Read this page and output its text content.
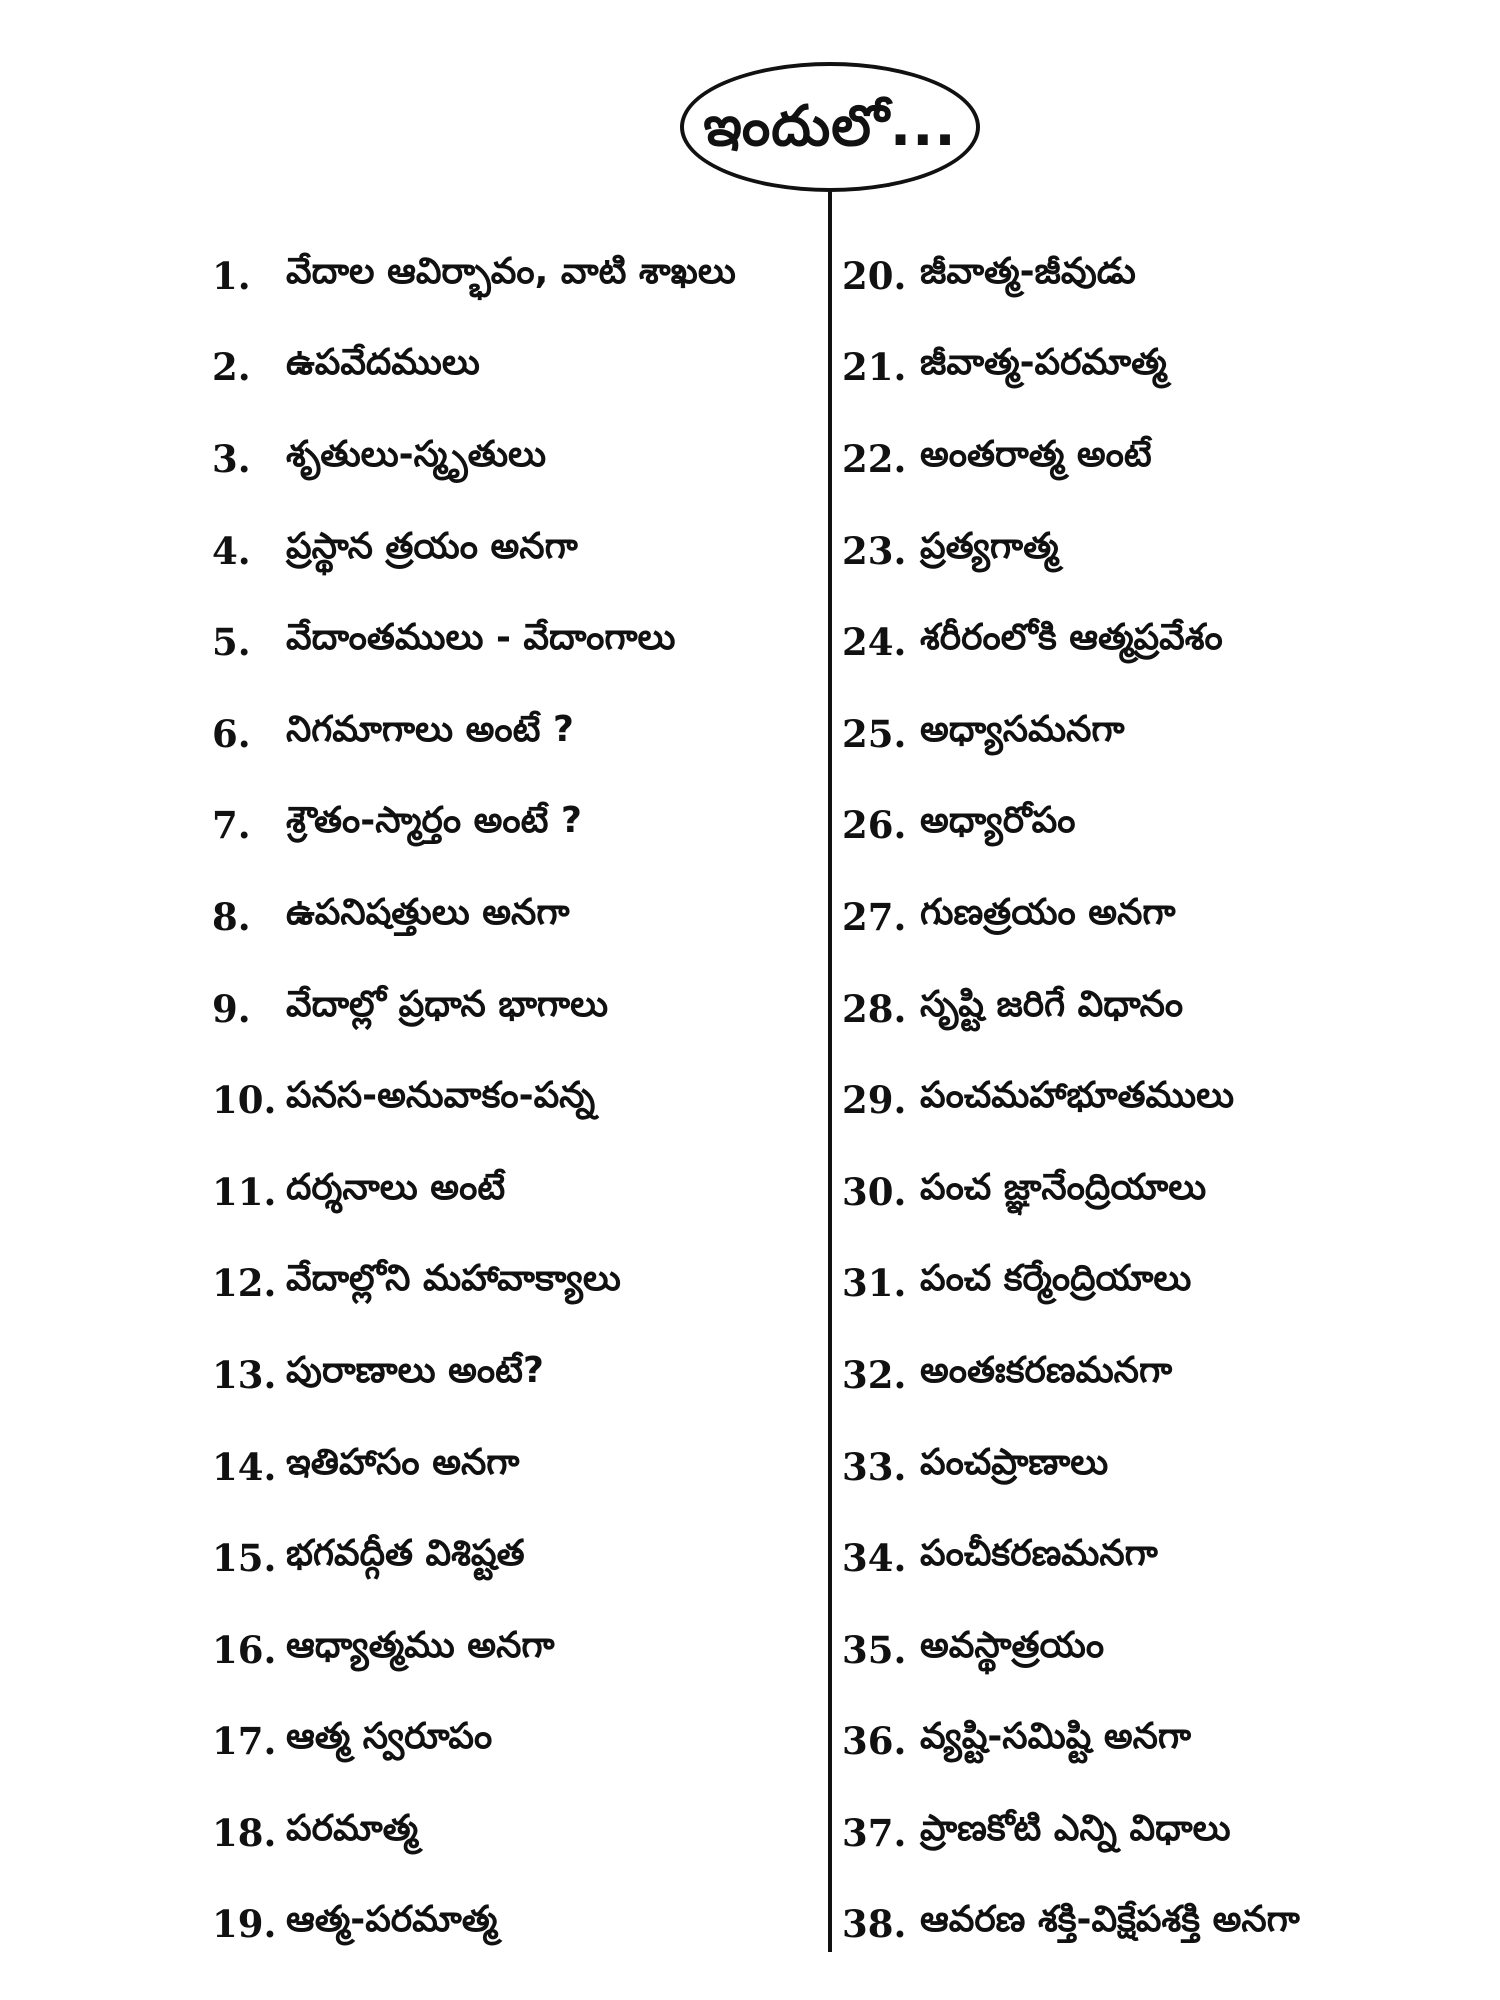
ఇందులో...
1. వేదాల ఆవిర్భావం, వాటి శాఖలు
2. ఉపవేదములు
3. శృతులు-స్మృతులు
4. ప్రస్థాన త్రయం అనగా
5. వేదాంతములు - వేదాంగాలు
6. నిగమాగాలు అంటే ?
7. శ్రౌతం-స్మార్తం అంటే ?
8. ఉపనిషత్తులు అనగా
9. వేదాల్లో ప్రధాన భాగాలు
10. పనస-అనువాకం-పన్న
11. దర్శనాలు అంటే
12. వేదాల్లోని మహావాక్యాలు
13. పురాణాలు అంటే?
14. ఇతిహాసం అనగా
15. భగవద్గీత విశిష్టత
16. ఆధ్యాత్మము అనగా
17. ఆత్మ స్వరూపం
18. పరమాత్మ
19. ఆత్మ-పరమాత్మ
20. జీవాత్మ-జీవుడు
21. జీవాత్మ-పరమాత్మ
22. అంతరాత్మ అంటే
23. ప్రత్యగాత్మ
24. శరీరంలోకి ఆత్మప్రవేశం
25. అధ్యాసమనగా
26. అధ్యారోపం
27. గుణత్రయం అనగా
28. సృష్టి జరిగే విధానం
29. పంచమహాభూతములు
30. పంచ జ్ఞానేంద్రియాలు
31. పంచ కర్మేంద్రియాలు
32. అంతఃకరణమనగా
33. పంచప్రాణాలు
34. పంచీకరణమనగా
35. అవస్థాత్రయం
36. వ్యష్టి-సమిష్టి అనగా
37. ప్రాణకోటి ఎన్ని విధాలు
38. ఆవరణ శక్తి-విక్షేపశక్తి అనగా
